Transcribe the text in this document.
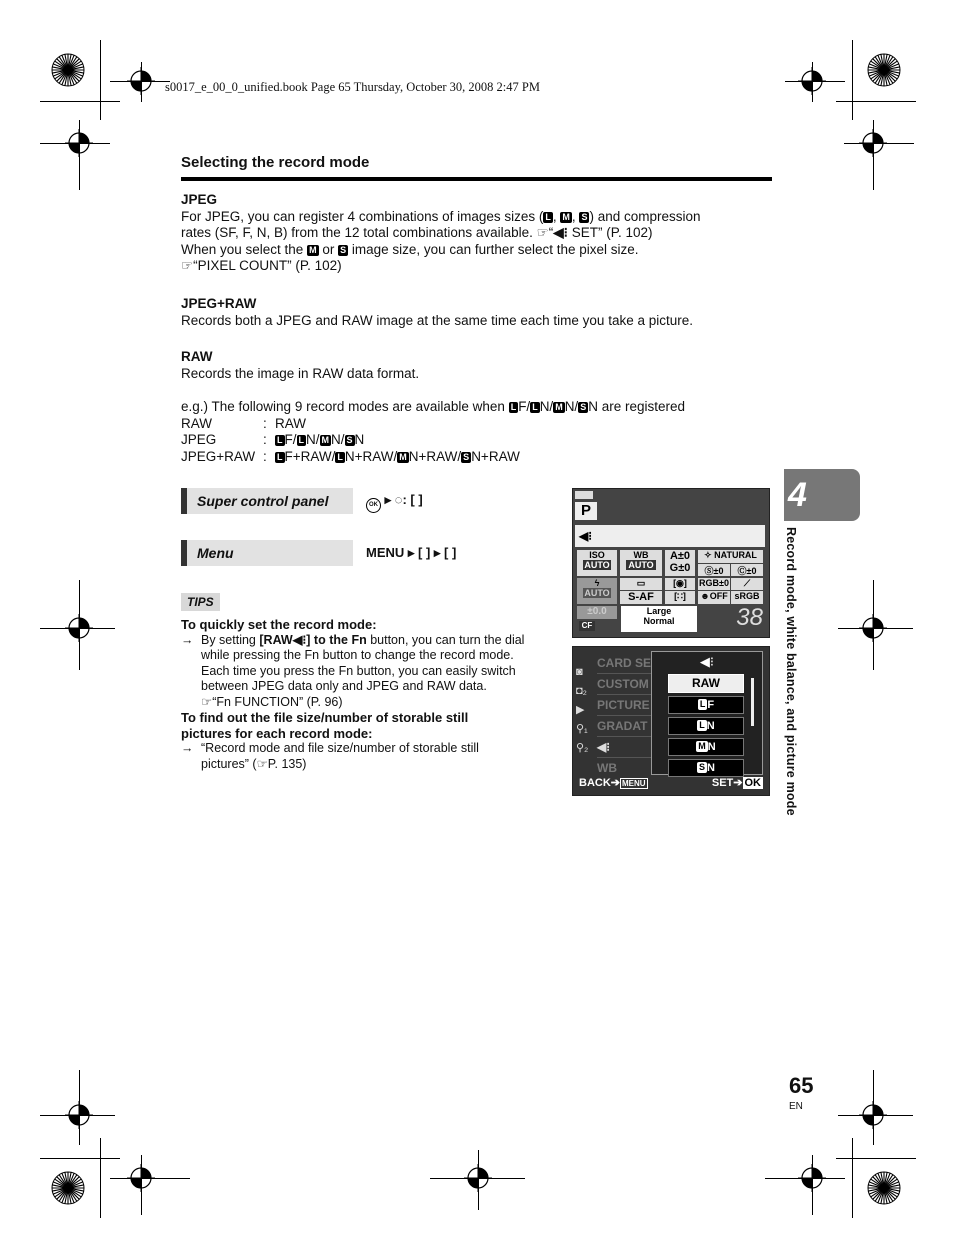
s0017_e_00_0_unified.book Page 65 Thursday, October 30, 2008 2:47 PM
Selecting the record mode
JPEG
For JPEG, you can register 4 combinations of images sizes ( L , M , S ) and compression
rates (SF, F, N, B) from the 12 total combinations available. ☞“◀⁝ SET” (P. 102)
When you select the M or S image size, you can further select the pixel size.
☞“PIXEL COUNT” (P. 102)
JPEG+RAW
Records both a JPEG and RAW image at the same time each time you take a picture.
RAW
Records the image in RAW data format.
e.g.) The following 9 record modes are available when L F/ L N/ M N/ S N are registered
RAW	: RAW
JPEG	:	L F/ L N/ M N/ S N
JPEG+RAW :	L F+RAW/ L N+RAW/ M N+RAW/ S N+RAW
Super control panel	OK ▸ ◌: [ ]
Menu	MENU ▸ [ ] ▸ [ ]
TIPS
To quickly set the record mode:
→ By setting [RAW◀⁝] to the Fn button, you can turn the dial
while pressing the Fn button to change the record mode.
Each time you press the Fn button, you can easily switch
between JPEG data only and JPEG and RAW data.
☞“Fn FUNCTION” (P. 96)
To find out the file size/number of storable still
pictures for each record mode:
→ “Record mode and file size/number of storable still
pictures” (☞P. 135)
P
◀⁝
ISO
AUTO
WB
AUTO
A±0
G±0
✧ NATURAL
Ⓢ±0	Ⓒ±0
ϟ
AUTO
▭	[◉]	RGB±0	⟋
S-AF	[∷]	☻OFF sRGB
±0.0
CF
Large
Normal	38
◙
◘₂
▶
⚲₁
⚲₂
CARD SE
CUSTOM
PICTURE
GRADAT
◀⁝
WB
◀⁝
RAW
L F
L N
M N
S N
BACK➔ MENU	SET➔ OK
4
Record mode, white balance, and picture mode
65
EN
